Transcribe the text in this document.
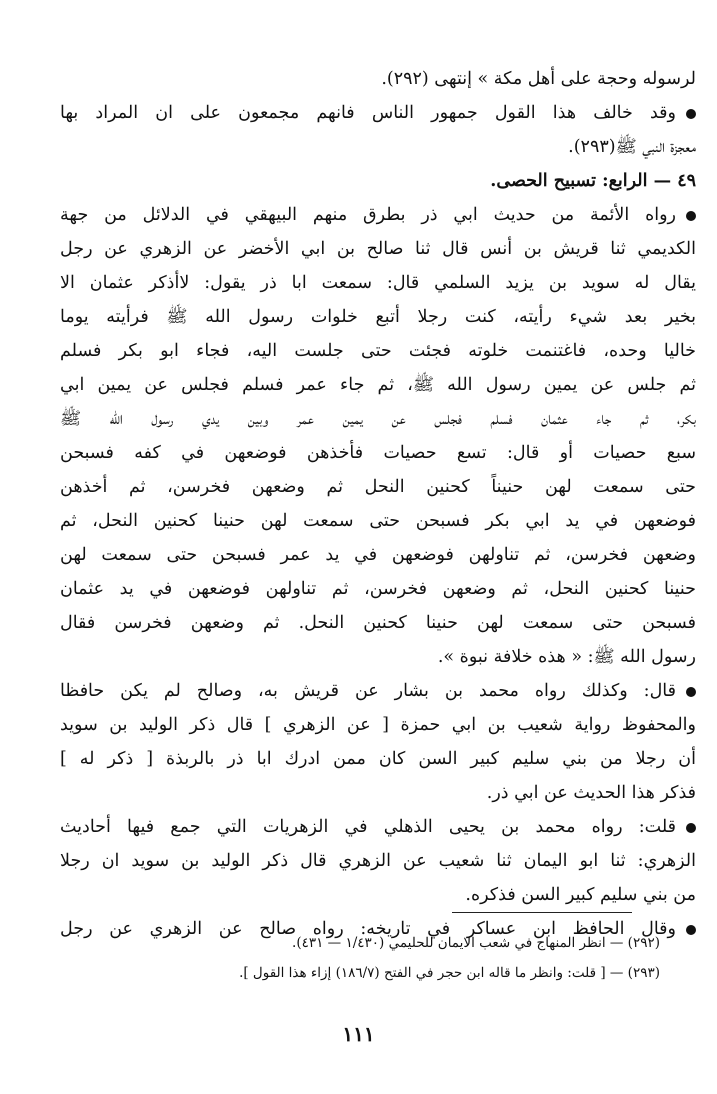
لرسوله وحجة على أهل مكة » إنتهى (٢٩٢).
وقد خالف هذا القول جمهور الناس فانهم مجمعون على ان المراد بها
معجزة النبي ﷺ(٢٩٣).
٤٩ — الرابع: تسبيح الحصى.
رواه الأئمة من حديث ابي ذر بطرق منهم البيهقي في الدلائل من جهة
الكديمي ثنا قريش بن أنس قال ثنا صالح بن ابي الأخضر عن الزهري عن رجل
يقال له سويد بن يزيد السلمي قال: سمعت ابا ذر يقول: لاأذكر عثمان الا
بخير بعد شيء رأيته، كنت رجلا أتبع خلوات رسول الله ﷺ فرأيته يوما
خاليا وحده، فاغتنمت خلوته فجئت حتى جلست اليه، فجاء ابو بكر فسلم
ثم جلس عن يمين رسول الله ﷺ، ثم جاء عمر فسلم فجلس عن يمين ابي
بكر، ثم جاء عثمان فسلم فجلس عن يمين عمر وبين يدي رسول الله ﷺ
سبع حصيات أو قال: تسع حصيات فأخذهن فوضعهن في كفه فسبحن
حتى سمعت لهن حنيناً كحنين النحل ثم وضعهن فخرسن، ثم أخذهن
فوضعهن في يد ابي بكر فسبحن حتى سمعت لهن حنينا كحنين النحل، ثم
وضعهن فخرسن، ثم تناولهن فوضعهن في يد عمر فسبحن حتى سمعت لهن
حنينا كحنين النحل، ثم وضعهن فخرسن، ثم تناولهن فوضعهن في يد عثمان
فسبحن حتى سمعت لهن حنينا كحنين النحل. ثم وضعهن فخرسن فقال
رسول الله ﷺ: « هذه خلافة نبوة ».
قال: وكذلك رواه محمد بن بشار عن قريش به، وصالح لم يكن حافظا
والمحفوظ رواية شعيب بن ابي حمزة [ عن الزهري ] قال ذكر الوليد بن سويد
أن رجلا من بني سليم كبير السن كان ممن ادرك ابا ذر بالربذة [ ذكر له ]
فذكر هذا الحديث عن ابي ذر.
قلت: رواه محمد بن يحيى الذهلي في الزهريات التي جمع فيها أحاديث
الزهري: ثنا ابو اليمان ثنا شعيب عن الزهري قال ذكر الوليد بن سويد ان رجلا
من بني سليم كبير السن فذكره.
وقال الحافظ ابن عساكر في تاريخه: رواه صالح عن الزهري عن رجل
(٢٩٢) — انظر المنهاج في شعب الايمان للحليمي (١/٤٣٠ — ٤٣١).
(٢٩٣) — [ قلت: وانظر ما قاله ابن حجر في الفتح (١٨٦/٧) إزاء هذا القول ].
١١١
